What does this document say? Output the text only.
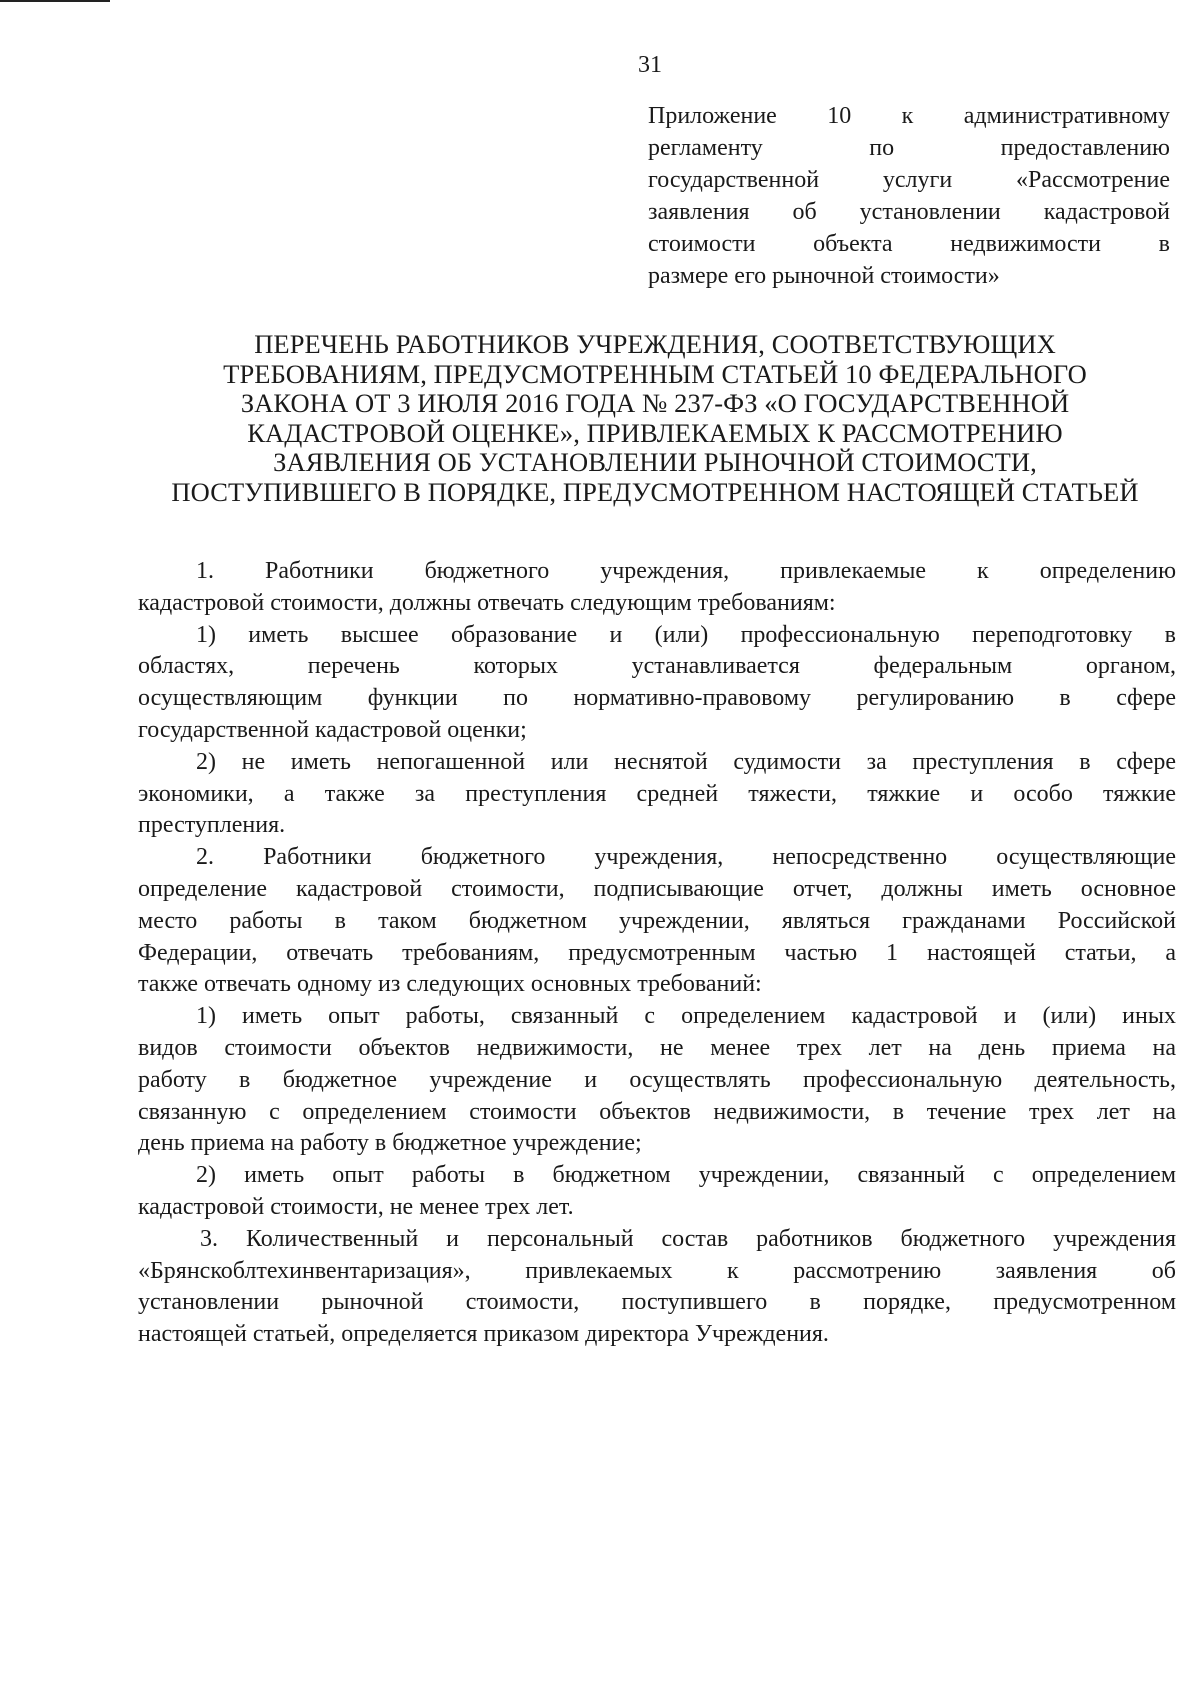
31
Приложение 10 к административному
регламенту по предоставлению
государственной услуги «Рассмотрение
заявления об установлении кадастровой
стоимости объекта недвижимости в
размере его рыночной стоимости»
ПЕРЕЧЕНЬ РАБОТНИКОВ УЧРЕЖДЕНИЯ, СООТВЕТСТВУЮЩИХ
ТРЕБОВАНИЯМ, ПРЕДУСМОТРЕННЫМ СТАТЬЕЙ 10 ФЕДЕРАЛЬНОГО
ЗАКОНА ОТ 3 ИЮЛЯ 2016 ГОДА № 237-ФЗ «О ГОСУДАРСТВЕННОЙ
КАДАСТРОВОЙ ОЦЕНКЕ», ПРИВЛЕКАЕМЫХ К РАССМОТРЕНИЮ
ЗАЯВЛЕНИЯ ОБ УСТАНОВЛЕНИИ РЫНОЧНОЙ СТОИМОСТИ,
ПОСТУПИВШЕГО В ПОРЯДКЕ, ПРЕДУСМОТРЕННОМ НАСТОЯЩЕЙ СТАТЬЕЙ
1. Работники бюджетного учреждения, привлекаемые к определению
кадастровой стоимости, должны отвечать следующим требованиям:
1) иметь высшее образование и (или) профессиональную переподготовку в
областях, перечень которых устанавливается федеральным органом,
осуществляющим функции по нормативно-правовому регулированию в сфере
государственной кадастровой оценки;
2) не иметь непогашенной или неснятой судимости за преступления в сфере
экономики, а также за преступления средней тяжести, тяжкие и особо тяжкие
преступления.
2. Работники бюджетного учреждения, непосредственно осуществляющие
определение кадастровой стоимости, подписывающие отчет, должны иметь основное
место работы в таком бюджетном учреждении, являться гражданами Российской
Федерации, отвечать требованиям, предусмотренным частью 1 настоящей статьи, а
также отвечать одному из следующих основных требований:
1) иметь опыт работы, связанный с определением кадастровой и (или) иных
видов стоимости объектов недвижимости, не менее трех лет на день приема на
работу в бюджетное учреждение и осуществлять профессиональную деятельность,
связанную с определением стоимости объектов недвижимости, в течение трех лет на
день приема на работу в бюджетное учреждение;
2) иметь опыт работы в бюджетном учреждении, связанный с определением
кадастровой стоимости, не менее трех лет.
3. Количественный и персональный состав работников бюджетного учреждения
«Брянскоблтехинвентаризация», привлекаемых к рассмотрению заявления об
установлении рыночной стоимости, поступившего в порядке, предусмотренном
настоящей статьей, определяется приказом директора Учреждения.
